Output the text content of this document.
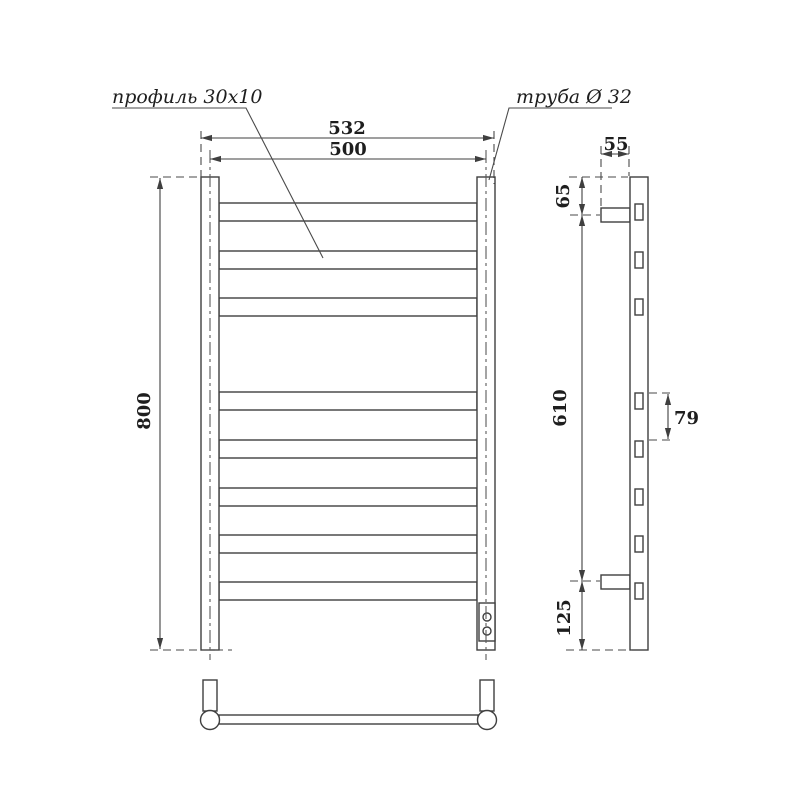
532
500
800
55
65
610
125
79
профиль 30x10	труба Ø 32
